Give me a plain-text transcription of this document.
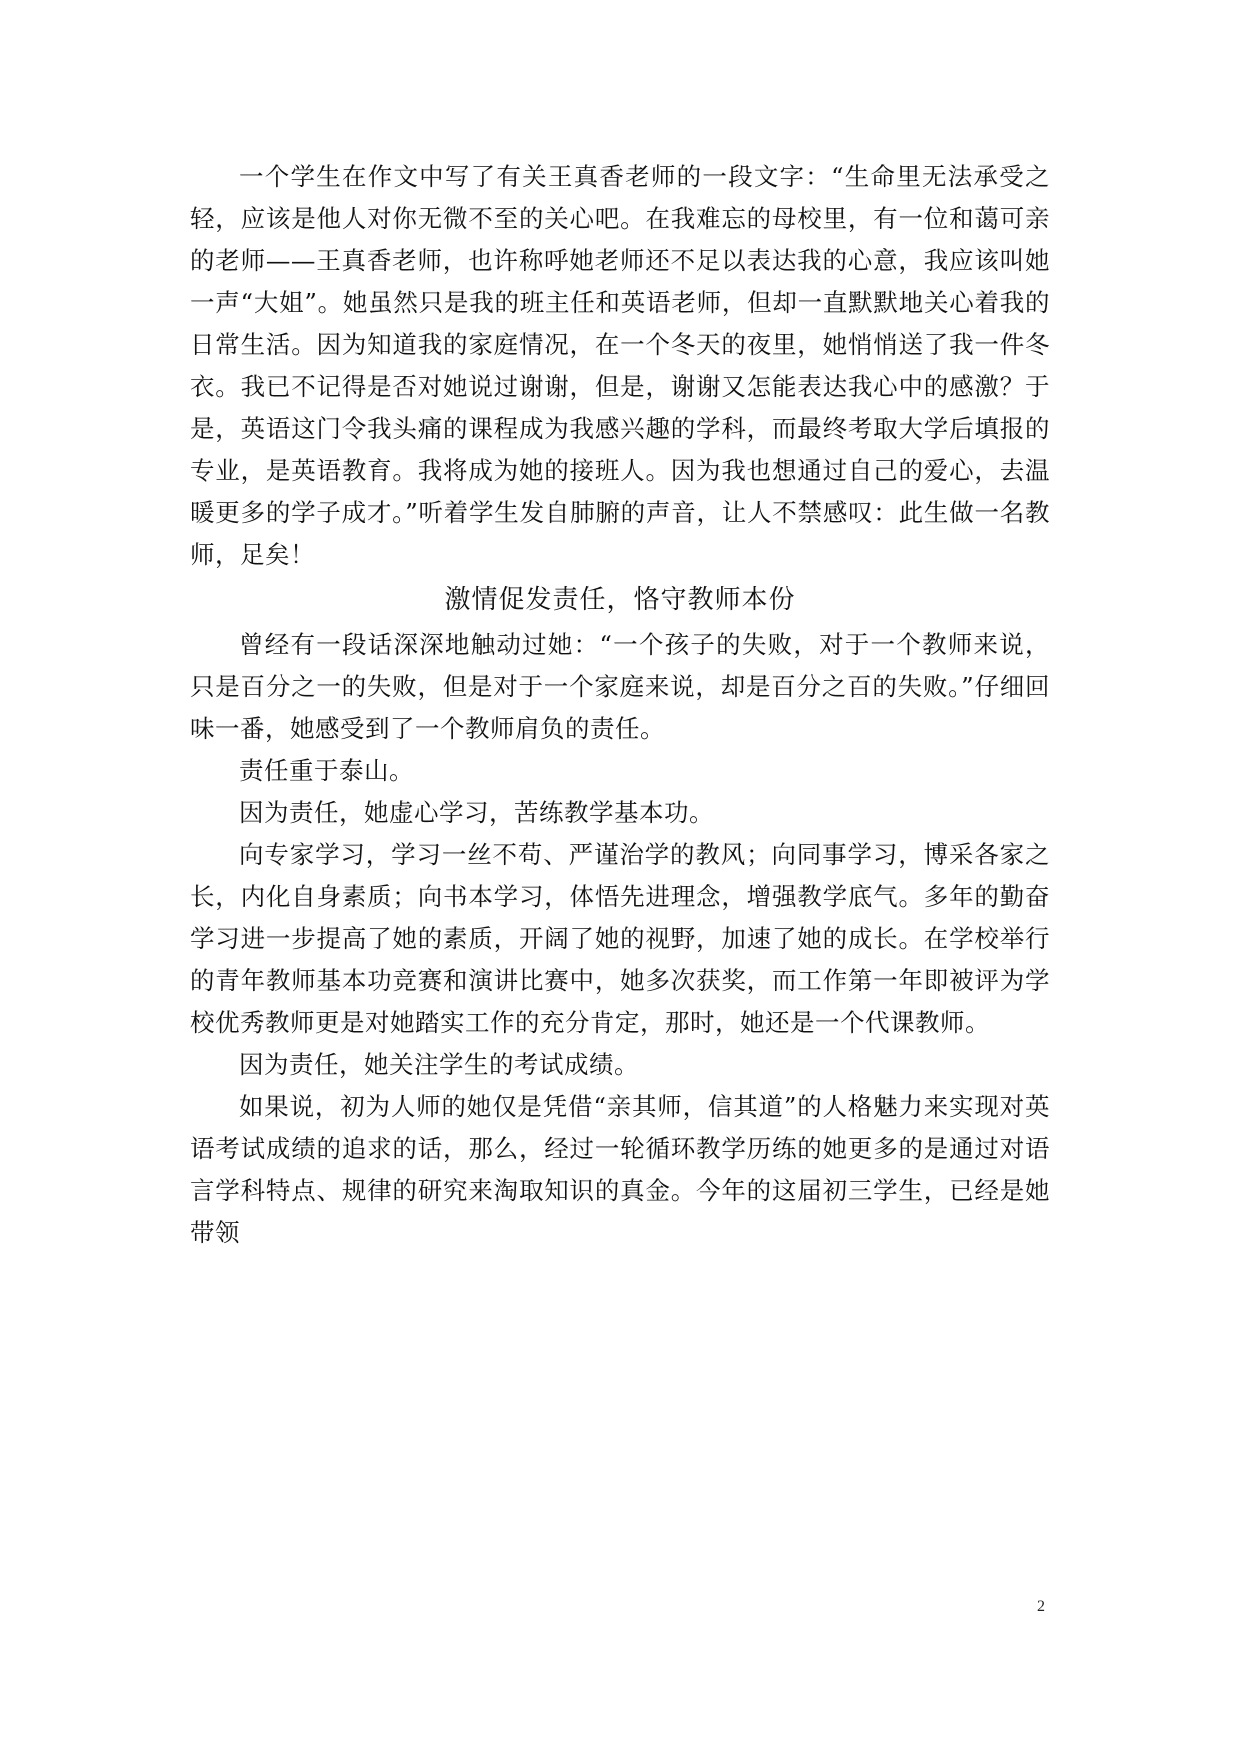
一个学生在作文中写了有关王真香老师的一段文字：“生命里无法承受之轻，应该是他人对你无微不至的关心吧。在我难忘的母校里，有一位和蔼可亲的老师——王真香老师，也许称呼她老师还不足以表达我的心意，我应该叫她一声“大姐”。她虽然只是我的班主任和英语老师，但却一直默默地关心着我的日常生活。因为知道我的家庭情况，在一个冬天的夜里，她悄悄送了我一件冬衣。我已不记得是否对她说过谢谢，但是，谢谢又怎能表达我心中的感激？于是，英语这门令我头痛的课程成为我感兴趣的学科，而最终考取大学后填报的专业，是英语教育。我将成为她的接班人。因为我也想通过自己的爱心，去温暖更多的学子成才。”听着学生发自肺腑的声音，让人不禁感叹：此生做一名教师，足矣！

激情促发责任，恪守教师本份

曾经有一段话深深地触动过她：“一个孩子的失败，对于一个教师来说，只是百分之一的失败，但是对于一个家庭来说，却是百分之百的失败。”仔细回味一番，她感受到了一个教师肩负的责任。

责任重于泰山。

因为责任，她虚心学习，苦练教学基本功。

向专家学习，学习一丝不苟、严谨治学的教风；向同事学习，博采各家之长，内化自身素质；向书本学习，体悟先进理念，增强教学底气。多年的勤奋学习进一步提高了她的素质，开阔了她的视野，加速了她的成长。在学校举行的青年教师基本功竞赛和演讲比赛中，她多次获奖，而工作第一年即被评为学校优秀教师更是对她踏实工作的充分肯定，那时，她还是一个代课教师。

因为责任，她关注学生的考试成绩。

如果说，初为人师的她仅是凭借“亲其师，信其道”的人格魅力来实现对英语考试成绩的追求的话，那么，经过一轮循环教学历练的她更多的是通过对语言学科特点、规律的研究来淘取知识的真金。今年的这届初三学生，已经是她带领

2
